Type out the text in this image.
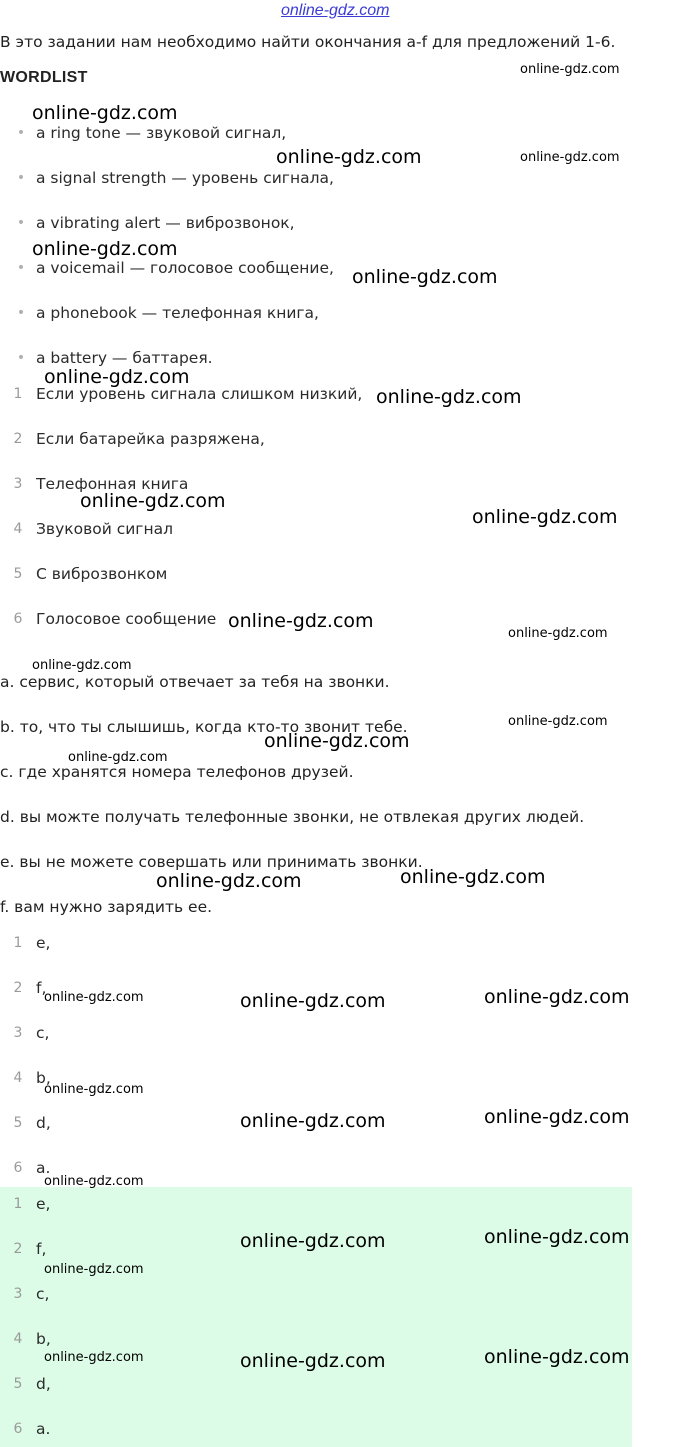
online-gdz.com
В это задании нам необходимо найти окончания a-f для предложений 1-6.
WORDLIST
• a ring tone — звуковой сигнал,
• a signal strength — уровень сигнала,
• a vibrating alert — виброзвонок,
• a voicemail — голосовое сообщение,
• a phonebook — телефонная книга,
• a battery — баттарея.
1 Если уровень сигнала слишком низкий,
2 Если батарейка разряжена,
3 Телефонная книга
4 Звуковой сигнал
5 С виброзвонком
6 Голосовое сообщение
a. сервис, который отвечает за тебя на звонки.
b. то, что ты слышишь, когда кто-то звонит тебе.
c. где хранятся номера телефонов друзей.
d. вы можте получать телефонные звонки, не отвлекая других людей.
e. вы не можете совершать или принимать звонки.
f. вам нужно зарядить ее.
1 e,
2 f,
3 c,
4 b,
5 d,
6 a.
1 e,
2 f,
3 c,
4 b,
5 d,
6 a.
online-gdz.com
online-gdz.com
online-gdz.com	online-gdz.com
online-gdz.com
online-gdz.com
online-gdz.com
online-gdz.com
online-gdz.com
online-gdz.com
online-gdz.com
online-gdz.com
online-gdz.com
online-gdz.com
online-gdz.com
online-gdz.com
online-gdz.com
online-gdz.com
online-gdz.com	online-gdz.com	online-gdz.com
online-gdz.com
online-gdz.com	online-gdz.com
online-gdz.com
online-gdz.com	online-gdz.com
online-gdz.com
online-gdz.com	online-gdz.com	online-gdz.com
